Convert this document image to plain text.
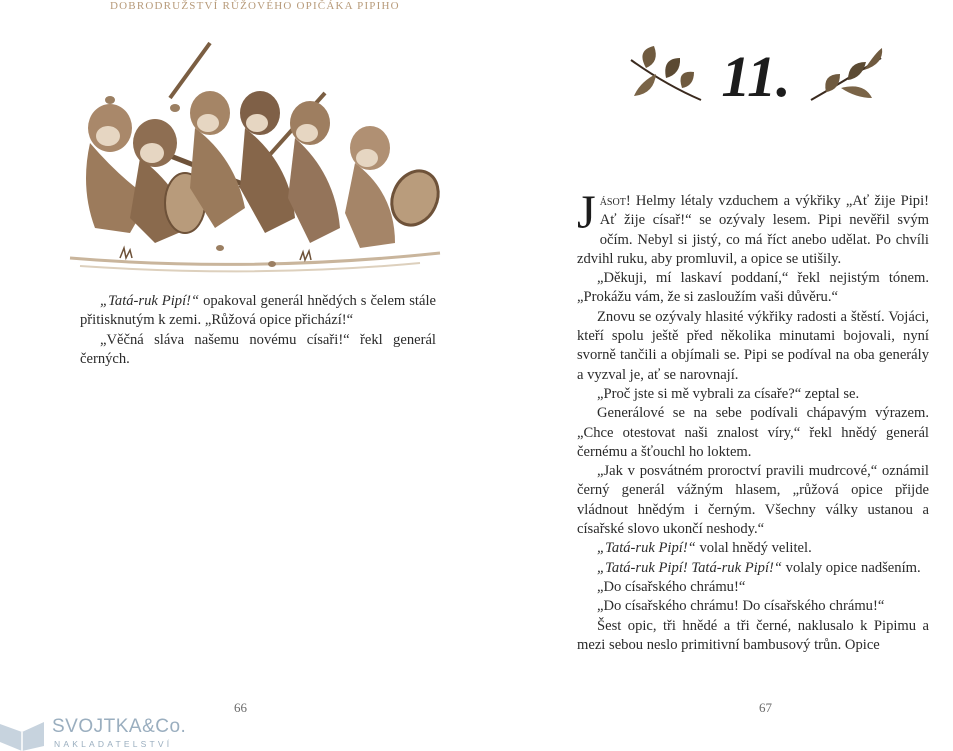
DOBRODRUŽSTVÍ RŮŽOVÉHO OPIČÁKA PIPIHO

„Tatá-ruk Pipí!“ opakoval generál hnědých s čelem stále přitisknutým k zemi. „Růžová opice přichází!“

„Věčná sláva našemu novému císaři!“ řekl generál černých.

66
11.

Jásot! Helmy létaly vzduchem a výkřiky „Ať žije Pipi! Ať žije císař!“ se ozývaly lesem. Pipi nevěřil svým očím. Nebyl si jistý, co má říct anebo udělat. Po chvíli zdvihl ruku, aby promluvil, a opice se utišily.

„Děkuji, mí laskaví poddaní,“ řekl nejistým tónem. „Prokážu vám, že si zasloužím vaši důvěru.“

Znovu se ozývaly hlasité výkřiky radosti a štěstí. Vojáci, kteří spolu ještě před několika minutami bojovali, nyní svorně tančili a objímali se. Pipi se podíval na oba generály a vyzval je, ať se narovnají.

„Proč jste si mě vybrali za císaře?“ zeptal se.

Generálové se na sebe podívali chápavým výrazem. „Chce otestovat naši znalost víry,“ řekl hnědý generál černému a šťouchl ho loktem.

„Jak v posvátném proroctví pravili mudrcové,“ oznámil černý generál vážným hlasem, „růžová opice přijde vládnout hnědým i černým. Všechny války ustanou a císařské slovo ukončí neshody.“

„Tatá-ruk Pipí!“ volal hnědý velitel.

„Tatá-ruk Pipí! Tatá-ruk Pipí!“ volaly opice nadšením.

„Do císařského chrámu!“

„Do císařského chrámu! Do císařského chrámu!“

Šest opic, tři hnědé a tři černé, naklusalo k Pipimu a mezi sebou neslo primitivní bambusový trůn. Opice

67
SVOJTKA&Co.
NAKLADATELSTVÍ
